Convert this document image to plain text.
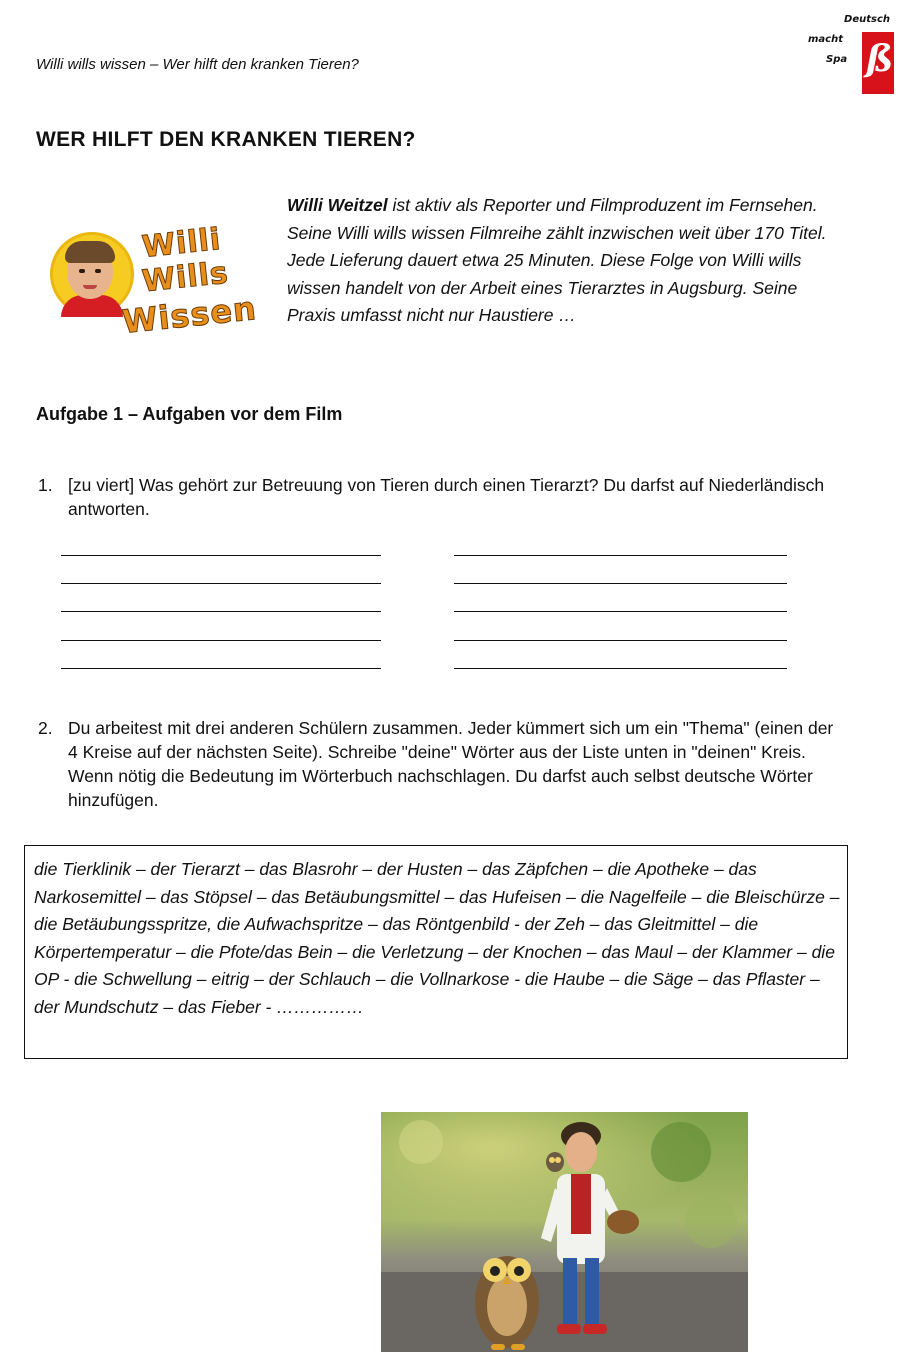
Willi wills wissen – Wer hilft den kranken Tieren?
Deutsch
macht
Spa ß
WER HILFT DEN KRANKEN TIEREN?
Willi
Wills
Wissen
Willi Weitzel ist aktiv als Reporter und Filmproduzent im Fernsehen. Seine Willi wills wissen Filmreihe zählt inzwischen weit über 170 Titel. Jede Lieferung dauert etwa 25 Minuten. Diese Folge von Willi wills wissen handelt von der Arbeit eines Tierarztes in Augsburg. Seine Praxis umfasst nicht nur Haustiere …
Aufgabe 1 – Aufgaben vor dem Film
1. [zu viert] Was gehört zur Betreuung von Tieren durch einen Tierarzt? Du darfst auf Niederländisch antworten.
2. Du arbeitest mit drei anderen Schülern zusammen. Jeder kümmert sich um ein "Thema" (einen der 4 Kreise auf der nächsten Seite). Schreibe "deine" Wörter aus der Liste unten in "deinen" Kreis. Wenn nötig die Bedeutung im Wörterbuch nachschlagen. Du darfst auch selbst deutsche Wörter hinzufügen.
die Tierklinik – der Tierarzt – das Blasrohr – der Husten – das Zäpfchen – die Apotheke – das Narkosemittel – das Stöpsel – das Betäubungsmittel – das Hufeisen – die Nagelfeile – die Bleischürze – die Betäubungsspritze, die Aufwachspritze – das Röntgenbild - der Zeh – das Gleitmittel – die Körpertemperatur – die Pfote/das Bein – die Verletzung – der Knochen – das Maul – der Klammer – die OP - die Schwellung – eitrig – der Schlauch – die Vollnarkose - die Haube – die Säge – das Pflaster – der Mundschutz – das Fieber - ……………
